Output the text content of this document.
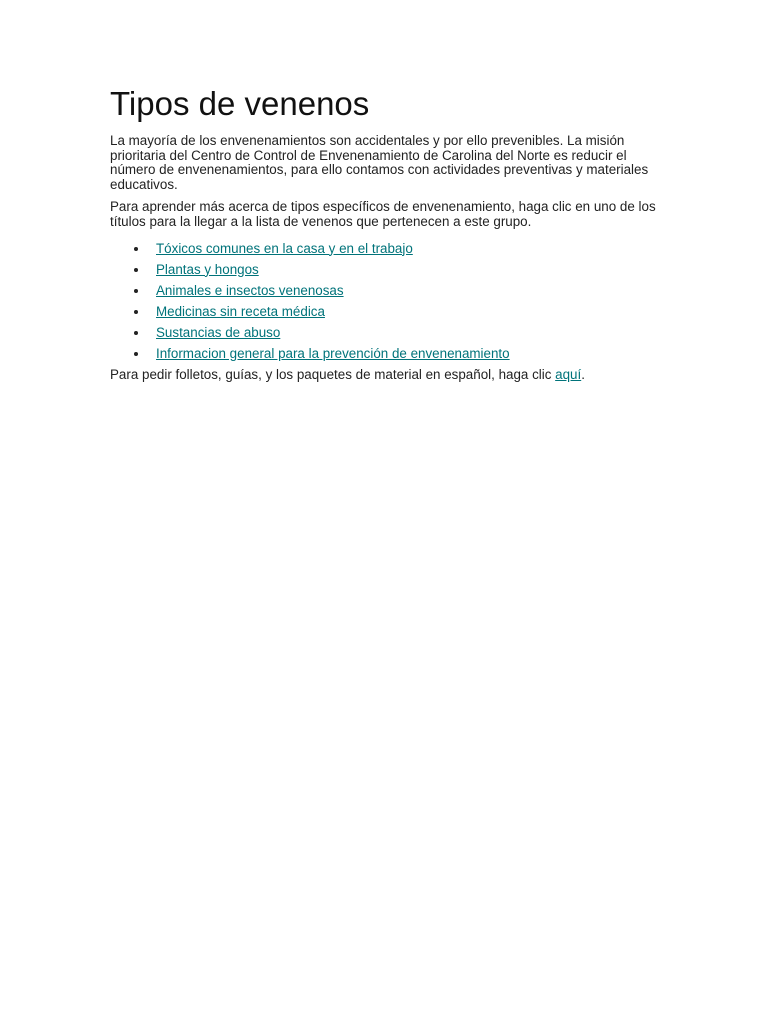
Tipos de venenos

La mayoría de los envenenamientos son accidentales y por ello prevenibles. La misión prioritaria del Centro de Control de Envenenamiento de Carolina del Norte es reducir el número de envenenamientos, para ello contamos con actividades preventivas y materiales educativos.

Para aprender más acerca de tipos específicos de envenenamiento, haga clic en uno de los títulos para la llegar a la lista de venenos que pertenecen a este grupo.

Tóxicos comunes en la casa y en el trabajo
Plantas y hongos
Animales e insectos venenosas
Medicinas sin receta médica
Sustancias de abuso
Informacion general para la prevención de envenenamiento

Para pedir folletos, guías, y los paquetes de material en español, haga clic aquí.
